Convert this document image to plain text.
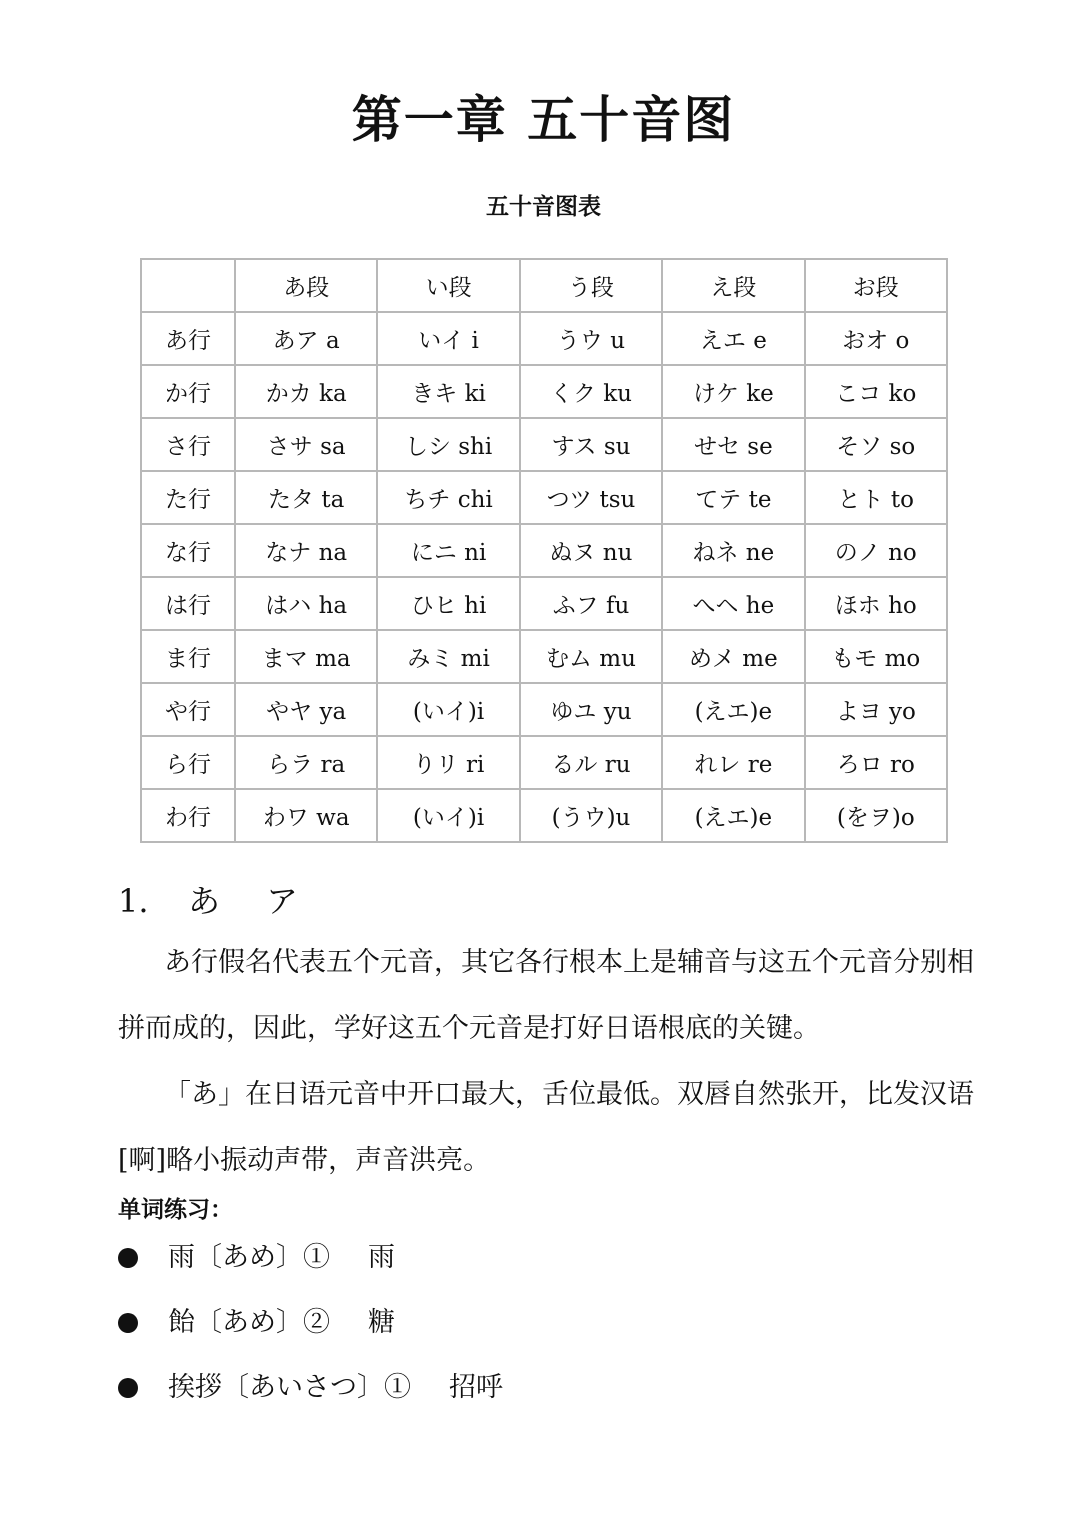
第一章 五十音图
五十音图表
	あ段	い段	う段	え段	お段
あ行	あア a	いイ i	うウ u	えエ e	おオ o
か行	かカ ka	きキ ki	くク ku	けケ ke	こコ ko
さ行	さサ sa	しシ shi	すス su	せセ se	そソ so
た行	たタ ta	ちチ chi	つツ tsu	てテ te	とト to
な行	なナ na	にニ ni	ぬヌ nu	ねネ ne	のノ no
は行	はハ ha	ひヒ hi	ふフ fu	へヘ he	ほホ ho
ま行	まマ ma	みミ mi	むム mu	めメ me	もモ mo
や行	やヤ ya	(いイ)i	ゆユ yu	(えエ)e	よヨ yo
ら行	らラ ra	りリ ri	るル ru	れレ re	ろロ ro
わ行	わワ wa	(いイ)i	(うウ)u	(えエ)e	(をヲ)o
1. あ ア

あ行假名代表五个元音，其它各行根本上是辅音与这五个元音分别相拼而成的，因此，学好这五个元音是打好日语根底的关键。

「あ」在日语元音中开口最大，舌位最低。双唇自然张开，比发汉语[啊]略小振动声带，声音洪亮。

单词练习：

雨〔あめ〕① 雨
飴〔あめ〕② 糖
挨拶〔あいさつ〕① 招呼
